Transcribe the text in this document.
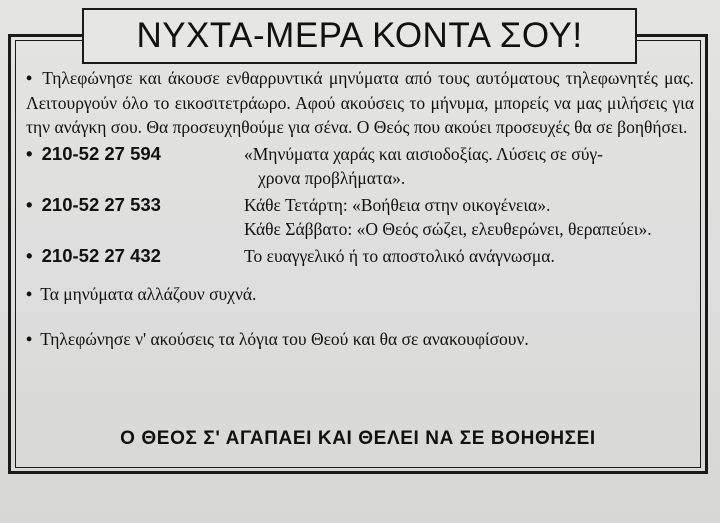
ΝΥΧΤΑ-ΜΕΡΑ ΚΟΝΤΑ ΣΟΥ!

• Τηλεφώνησε και άκουσε ενθαρρυντικά μηνύματα από τους αυτόματους τηλεφωνητές μας. Λειτουργούν όλο το εικοσιτετράωρο. Αφού ακούσεις το μήνυμα, μπορείς να μας μιλήσεις για την ανάγκη σου. Θα προσευχηθούμε για σένα. Ο Θεός που ακούει προσευχές θα σε βοηθήσει.

• 210-52 27 594	«Μηνύματα χαράς και αισιοδοξίας. Λύσεις σε σύγ-
χρονα προβλήματα».
• 210-52 27 533	Κάθε Τετάρτη: «Βοήθεια στην οικογένεια».
Κάθε Σάββατο: «Ο Θεός σώζει, ελευθερώνει, θεραπεύει».
• 210-52 27 432	Το ευαγγελικό ή το αποστολικό ανάγνωσμα.

• Τα μηνύματα αλλάζουν συχνά.

• Τηλεφώνησε ν' ακούσεις τα λόγια του Θεού και θα σε ανακουφίσουν.

Ο ΘΕΟΣ Σ' ΑΓΑΠΑΕΙ ΚΑΙ ΘΕΛΕΙ ΝΑ ΣΕ ΒΟΗΘΗΣΕΙ
